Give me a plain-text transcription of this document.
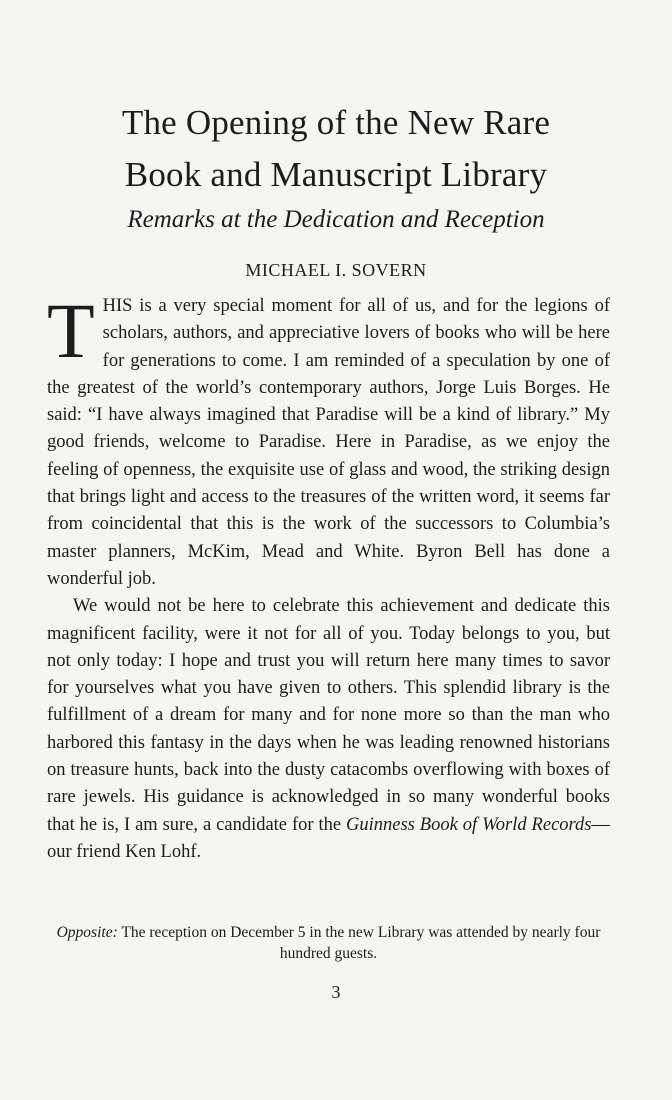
The Opening of the New Rare
Book and Manuscript Library

Remarks at the Dedication and Reception

MICHAEL I. SOVERN

THIS is a very special moment for all of us, and for the legions of scholars, authors, and appreciative lovers of books who will be here for generations to come. I am reminded of a speculation by one of the greatest of the world’s contemporary authors, Jorge Luis Borges. He said: “I have always imagined that Paradise will be a kind of library.” My good friends, welcome to Paradise. Here in Paradise, as we enjoy the feeling of openness, the exquisite use of glass and wood, the striking design that brings light and access to the treasures of the written word, it seems far from coincidental that this is the work of the successors to Columbia’s master planners, McKim, Mead and White. Byron Bell has done a wonderful job.

We would not be here to celebrate this achievement and dedicate this magnificent facility, were it not for all of you. Today belongs to you, but not only today: I hope and trust you will return here many times to savor for yourselves what you have given to others. This splendid library is the fulfillment of a dream for many and for none more so than the man who harbored this fantasy in the days when he was leading renowned historians on treasure hunts, back into the dusty catacombs overflowing with boxes of rare jewels. His guidance is acknowledged in so many wonderful books that he is, I am sure, a candidate for the Guinness Book of World Records—our friend Ken Lohf.

Opposite: The reception on December 5 in the new Library was attended by nearly four hundred guests.

3
